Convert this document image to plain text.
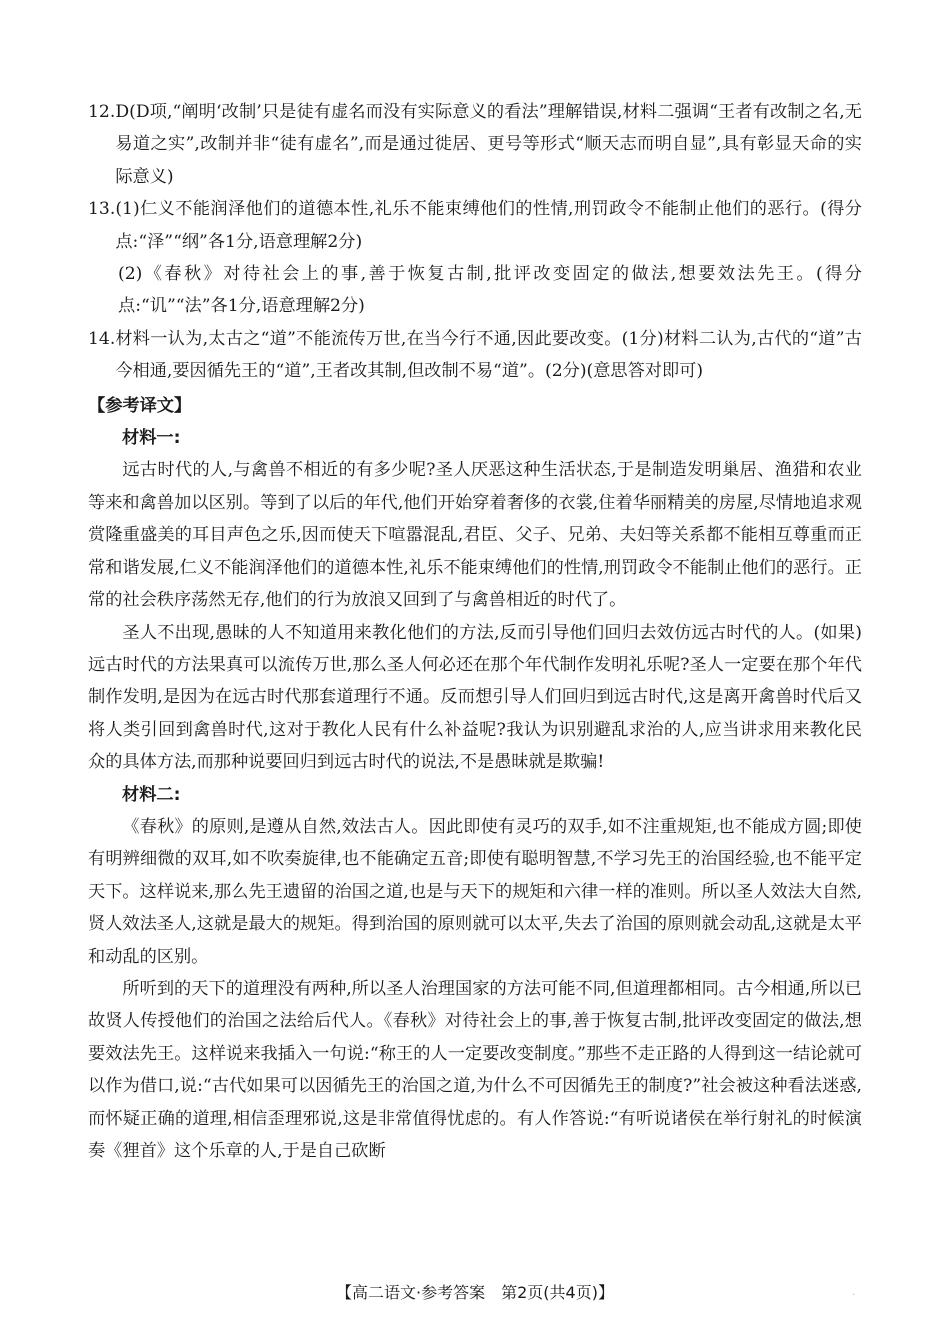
12. D(D项,“阐明‘改制’只是徒有虚名而没有实际意义的看法”理解错误,材料二强调“王者有改制之名,无易道之实”,改制并非“徒有虚名”,而是通过徙居、更号等形式“顺天志而明自显”,具有彰显天命的实际意义)
13. (1)仁义不能润泽他们的道德本性,礼乐不能束缚他们的性情,刑罚政令不能制止他们的恶行。(得分点:“泽”“纲”各1分,语意理解2分)
(2)《春秋》对待社会上的事,善于恢复古制,批评改变固定的做法,想要效法先王。(得分点:“讥”“法”各1分,语意理解2分)
14. 材料一认为,太古之“道”不能流传万世,在当今行不通,因此要改变。(1分)材料二认为,古代的“道”古今相通,要因循先王的“道”,王者改其制,但改制不易“道”。(2分)(意思答对即可)
【参考译文】
材料一:
远古时代的人,与禽兽不相近的有多少呢?圣人厌恶这种生活状态,于是制造发明巢居、渔猎和农业等来和禽兽加以区别。等到了以后的年代,他们开始穿着奢侈的衣裳,住着华丽精美的房屋,尽情地追求观赏隆重盛美的耳目声色之乐,因而使天下喧嚣混乱,君臣、父子、兄弟、夫妇等关系都不能相互尊重而正常和谐发展,仁义不能润泽他们的道德本性,礼乐不能束缚他们的性情,刑罚政令不能制止他们的恶行。正常的社会秩序荡然无存,他们的行为放浪又回到了与禽兽相近的时代了。
圣人不出现,愚昧的人不知道用来教化他们的方法,反而引导他们回归去效仿远古时代的人。(如果)远古时代的方法果真可以流传万世,那么圣人何必还在那个年代制作发明礼乐呢?圣人一定要在那个年代制作发明,是因为在远古时代那套道理行不通。反而想引导人们回归到远古时代,这是离开禽兽时代后又将人类引回到禽兽时代,这对于教化人民有什么补益呢?我认为识别避乱求治的人,应当讲求用来教化民众的具体方法,而那种说要回归到远古时代的说法,不是愚昧就是欺骗!
材料二:
《春秋》的原则,是遵从自然,效法古人。因此即使有灵巧的双手,如不注重规矩,也不能成方圆;即使有明辨细微的双耳,如不吹奏旋律,也不能确定五音;即使有聪明智慧,不学习先王的治国经验,也不能平定天下。这样说来,那么先王遗留的治国之道,也是与天下的规矩和六律一样的准则。所以圣人效法大自然,贤人效法圣人,这就是最大的规矩。得到治国的原则就可以太平,失去了治国的原则就会动乱,这就是太平和动乱的区别。
所听到的天下的道理没有两种,所以圣人治理国家的方法可能不同,但道理都相同。古今相通,所以已故贤人传授他们的治国之法给后代人。《春秋》对待社会上的事,善于恢复古制,批评改变固定的做法,想要效法先王。这样说来我插入一句说:“称王的人一定要改变制度。”那些不走正路的人得到这一结论就可以作为借口,说:“古代如果可以因循先王的治国之道,为什么不可因循先王的制度?”社会被这种看法迷惑,而怀疑正确的道理,相信歪理邪说,这是非常值得忧虑的。有人作答说:“有听说诸侯在举行射礼的时候演奏《狸首》这个乐章的人,于是自己砍断
【高二语文·参考答案　第2页(共4页)】	·
